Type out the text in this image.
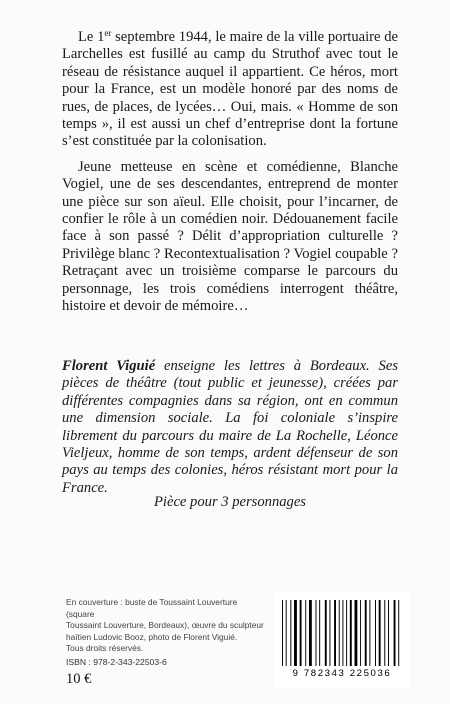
Le 1er septembre 1944, le maire de la ville portuaire de Larchelles est fusillé au camp du Struthof avec tout le réseau de résistance auquel il appartient. Ce héros, mort pour la France, est un modèle honoré par des noms de rues, de places, de lycées… Oui, mais. « Homme de son temps », il est aussi un chef d’entreprise dont la fortune s’est constituée par la colonisation.

Jeune metteuse en scène et comédienne, Blanche Vogiel, une de ses descendantes, entreprend de monter une pièce sur son aïeul. Elle choisit, pour l’incarner, de confier le rôle à un comédien noir. Dédouanement facile face à son passé ? Délit d’appropriation culturelle ? Privilège blanc ? Recontextualisation ? Vogiel coupable ? Retraçant avec un troisième comparse le parcours du personnage, les trois comédiens interrogent théâtre, histoire et devoir de mémoire…

Florent Viguié enseigne les lettres à Bordeaux. Ses pièces de théâtre (tout public et jeunesse), créées par différentes compagnies dans sa région, ont en commun une dimension sociale. La foi coloniale s’inspire librement du parcours du maire de La Rochelle, Léonce Vieljeux, homme de son temps, ardent défenseur de son pays au temps des colonies, héros résistant mort pour la France.

Pièce pour 3 personnages
En couverture : buste de Toussaint Louverture (square
Toussaint Louverture, Bordeaux), œuvre du sculpteur
haïtien Ludovic Booz, photo de Florent Viguié.
Tous droits réservés.
ISBN : 978-2-343-22503-6
10 €	9 782343 225036
